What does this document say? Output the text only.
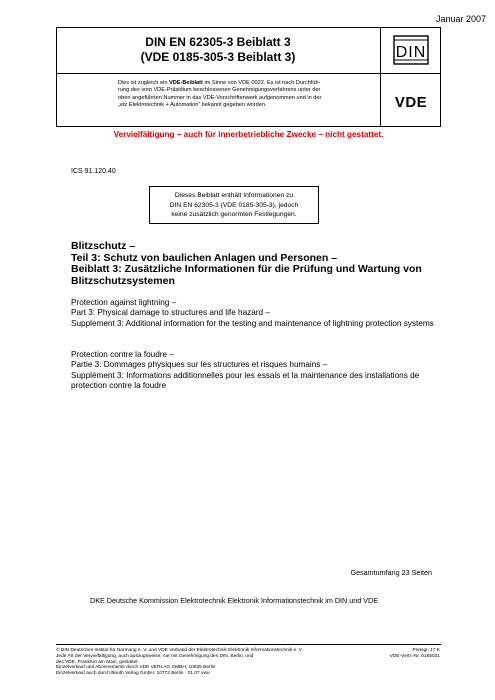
Januar 2007
DIN EN 62305-3 Beiblatt 3
(VDE 0185-305-3 Beiblatt 3)	DIN
Dies ist zugleich ein VDE-Beiblatt im Sinne von VDE 0022. Es ist nach Durchfüh-
rung des vom VDE-Präsidium beschlossenen Genehmigungsverfahrens unter der
oben angeführten Nummer in das VDE-Vorschriftenwerk aufgenommen und in der
„etz Elektrotechnik + Automation“ bekannt gegeben worden.	VDE
Vervielfältigung – auch für innerbetriebliche Zwecke – nicht gestattet.
ICS 91.120.40
Dieses Beiblatt enthält Informationen zu
DIN EN 62305-3 (VDE 0185-305-3), jedoch
keine zusätzlich genormten Festlegungen.
Blitzschutz –
Teil 3: Schutz von baulichen Anlagen und Personen –
Beiblatt 3: Zusätzliche Informationen für die Prüfung und Wartung von
Blitzschutzsystemen
Protection against lightning –
Part 3: Physical damage to structures and life hazard –
Supplement 3: Additional information for the testing and maintenance of lightning protection systems
Protection contre la foudre –
Partie 3: Dommages physiques sur les structures et risques humains –
Supplément 3: Informations additionnelles pour les essais et la maintenance des installations de protection contre la foudre
Gesamtumfang 23 Seiten
DKE Deutsche Kommission Elektrotechnik Elektronik Informationstechnik im DIN und VDE
© DIN Deutsches Institut für Normung e. V. und VDE Verband der Elektrotechnik Elektronik Informationstechnik e. V.
Jede Art der Vervielfältigung, auch auszugsweise, nur mit Genehmigung des DIN, Berlin, und
des VDE, Frankfurt am Main, gestattet.
Einzelverkauf und Abonnements durch VDE VERLAG GMBH, 10625 Berlin
Einzelverkauf auch durch Beuth Verlag GmbH, 10772 Berlin · 01.07 vwu
Preisgr. 17 K
VDE-Vertr.-Nr. 0185021
